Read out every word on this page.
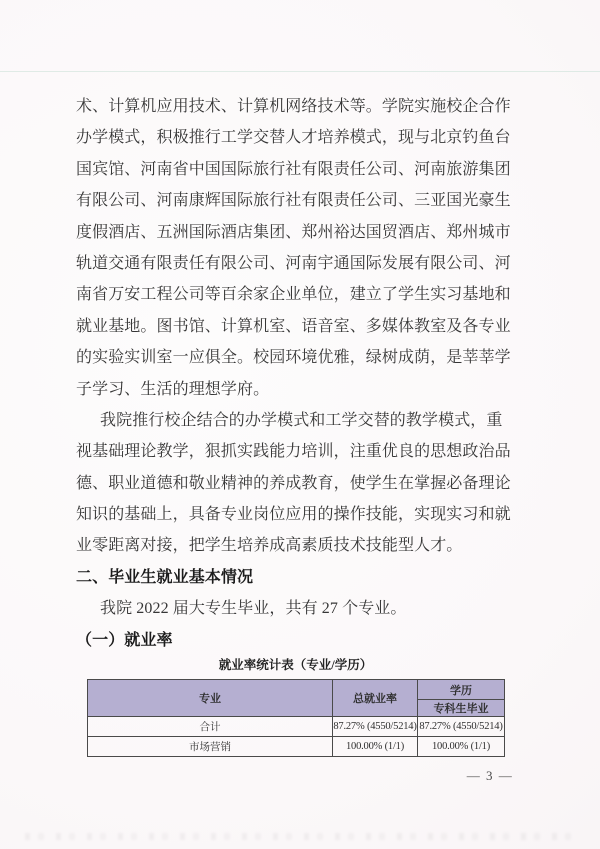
术、计算机应用技术、计算机网络技术等。学院实施校企合作
办学模式，积极推行工学交替人才培养模式，现与北京钓鱼台
国宾馆、河南省中国国际旅行社有限责任公司、河南旅游集团
有限公司、河南康辉国际旅行社有限责任公司、三亚国光豪生
度假酒店、五洲国际酒店集团、郑州裕达国贸酒店、郑州城市
轨道交通有限责任有限公司、河南宇通国际发展有限公司、河
南省万安工程公司等百余家企业单位，建立了学生实习基地和
就业基地。图书馆、计算机室、语音室、多媒体教室及各专业
的实验实训室一应俱全。校园环境优雅，绿树成荫，是莘莘学
子学习、生活的理想学府。
我院推行校企结合的办学模式和工学交替的教学模式，重
视基础理论教学，狠抓实践能力培训，注重优良的思想政治品
德、职业道德和敬业精神的养成教育，使学生在掌握必备理论
知识的基础上，具备专业岗位应用的操作技能，实现实习和就
业零距离对接，把学生培养成高素质技术技能型人才。
二、毕业生就业基本情况
我院 2022 届大专生毕业，共有 27 个专业。
（一）就业率
就业率统计表（专业/学历）
专业	总就业率	学历
		专科生毕业
合计	87.27% (4550/5214)	87.27% (4550/5214)
市场营销	100.00% (1/1)	100.00% (1/1)
— 3 —
